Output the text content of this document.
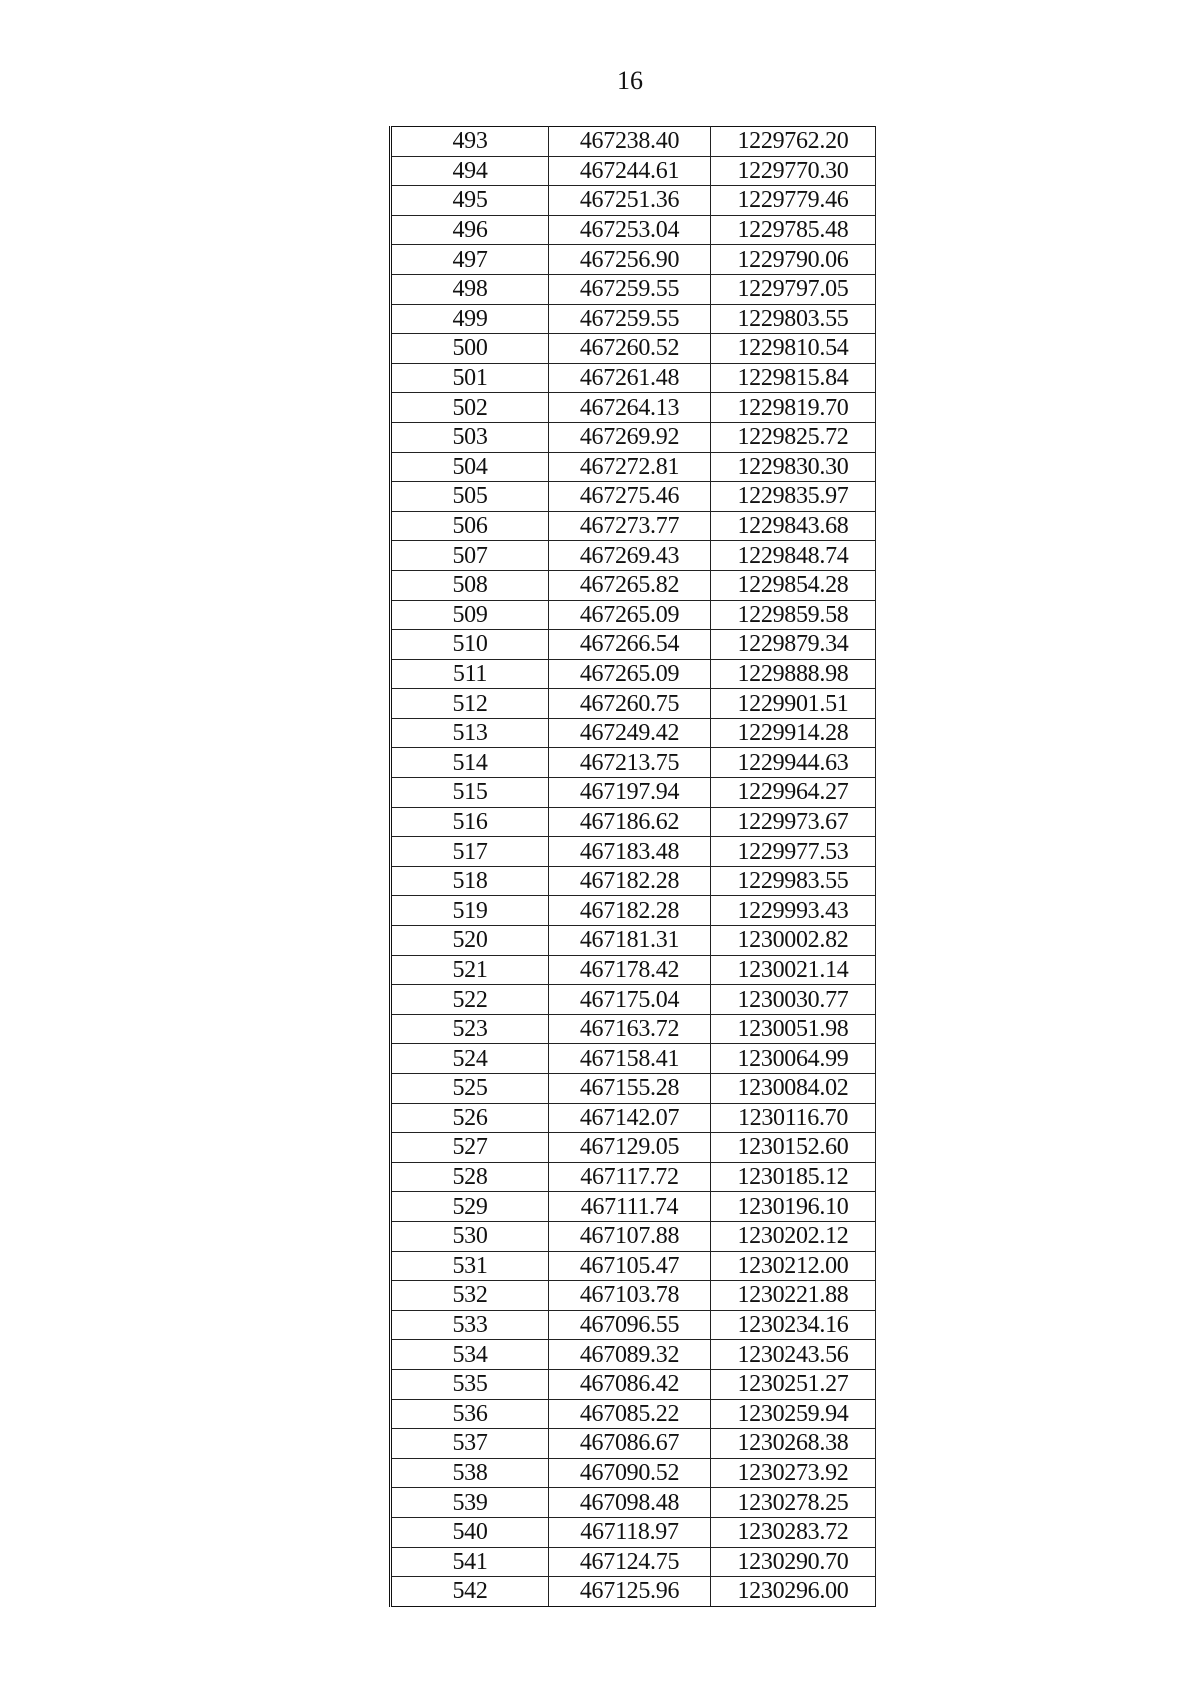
16
493	467238.40	1229762.20
494	467244.61	1229770.30
495	467251.36	1229779.46
496	467253.04	1229785.48
497	467256.90	1229790.06
498	467259.55	1229797.05
499	467259.55	1229803.55
500	467260.52	1229810.54
501	467261.48	1229815.84
502	467264.13	1229819.70
503	467269.92	1229825.72
504	467272.81	1229830.30
505	467275.46	1229835.97
506	467273.77	1229843.68
507	467269.43	1229848.74
508	467265.82	1229854.28
509	467265.09	1229859.58
510	467266.54	1229879.34
511	467265.09	1229888.98
512	467260.75	1229901.51
513	467249.42	1229914.28
514	467213.75	1229944.63
515	467197.94	1229964.27
516	467186.62	1229973.67
517	467183.48	1229977.53
518	467182.28	1229983.55
519	467182.28	1229993.43
520	467181.31	1230002.82
521	467178.42	1230021.14
522	467175.04	1230030.77
523	467163.72	1230051.98
524	467158.41	1230064.99
525	467155.28	1230084.02
526	467142.07	1230116.70
527	467129.05	1230152.60
528	467117.72	1230185.12
529	467111.74	1230196.10
530	467107.88	1230202.12
531	467105.47	1230212.00
532	467103.78	1230221.88
533	467096.55	1230234.16
534	467089.32	1230243.56
535	467086.42	1230251.27
536	467085.22	1230259.94
537	467086.67	1230268.38
538	467090.52	1230273.92
539	467098.48	1230278.25
540	467118.97	1230283.72
541	467124.75	1230290.70
542	467125.96	1230296.00
